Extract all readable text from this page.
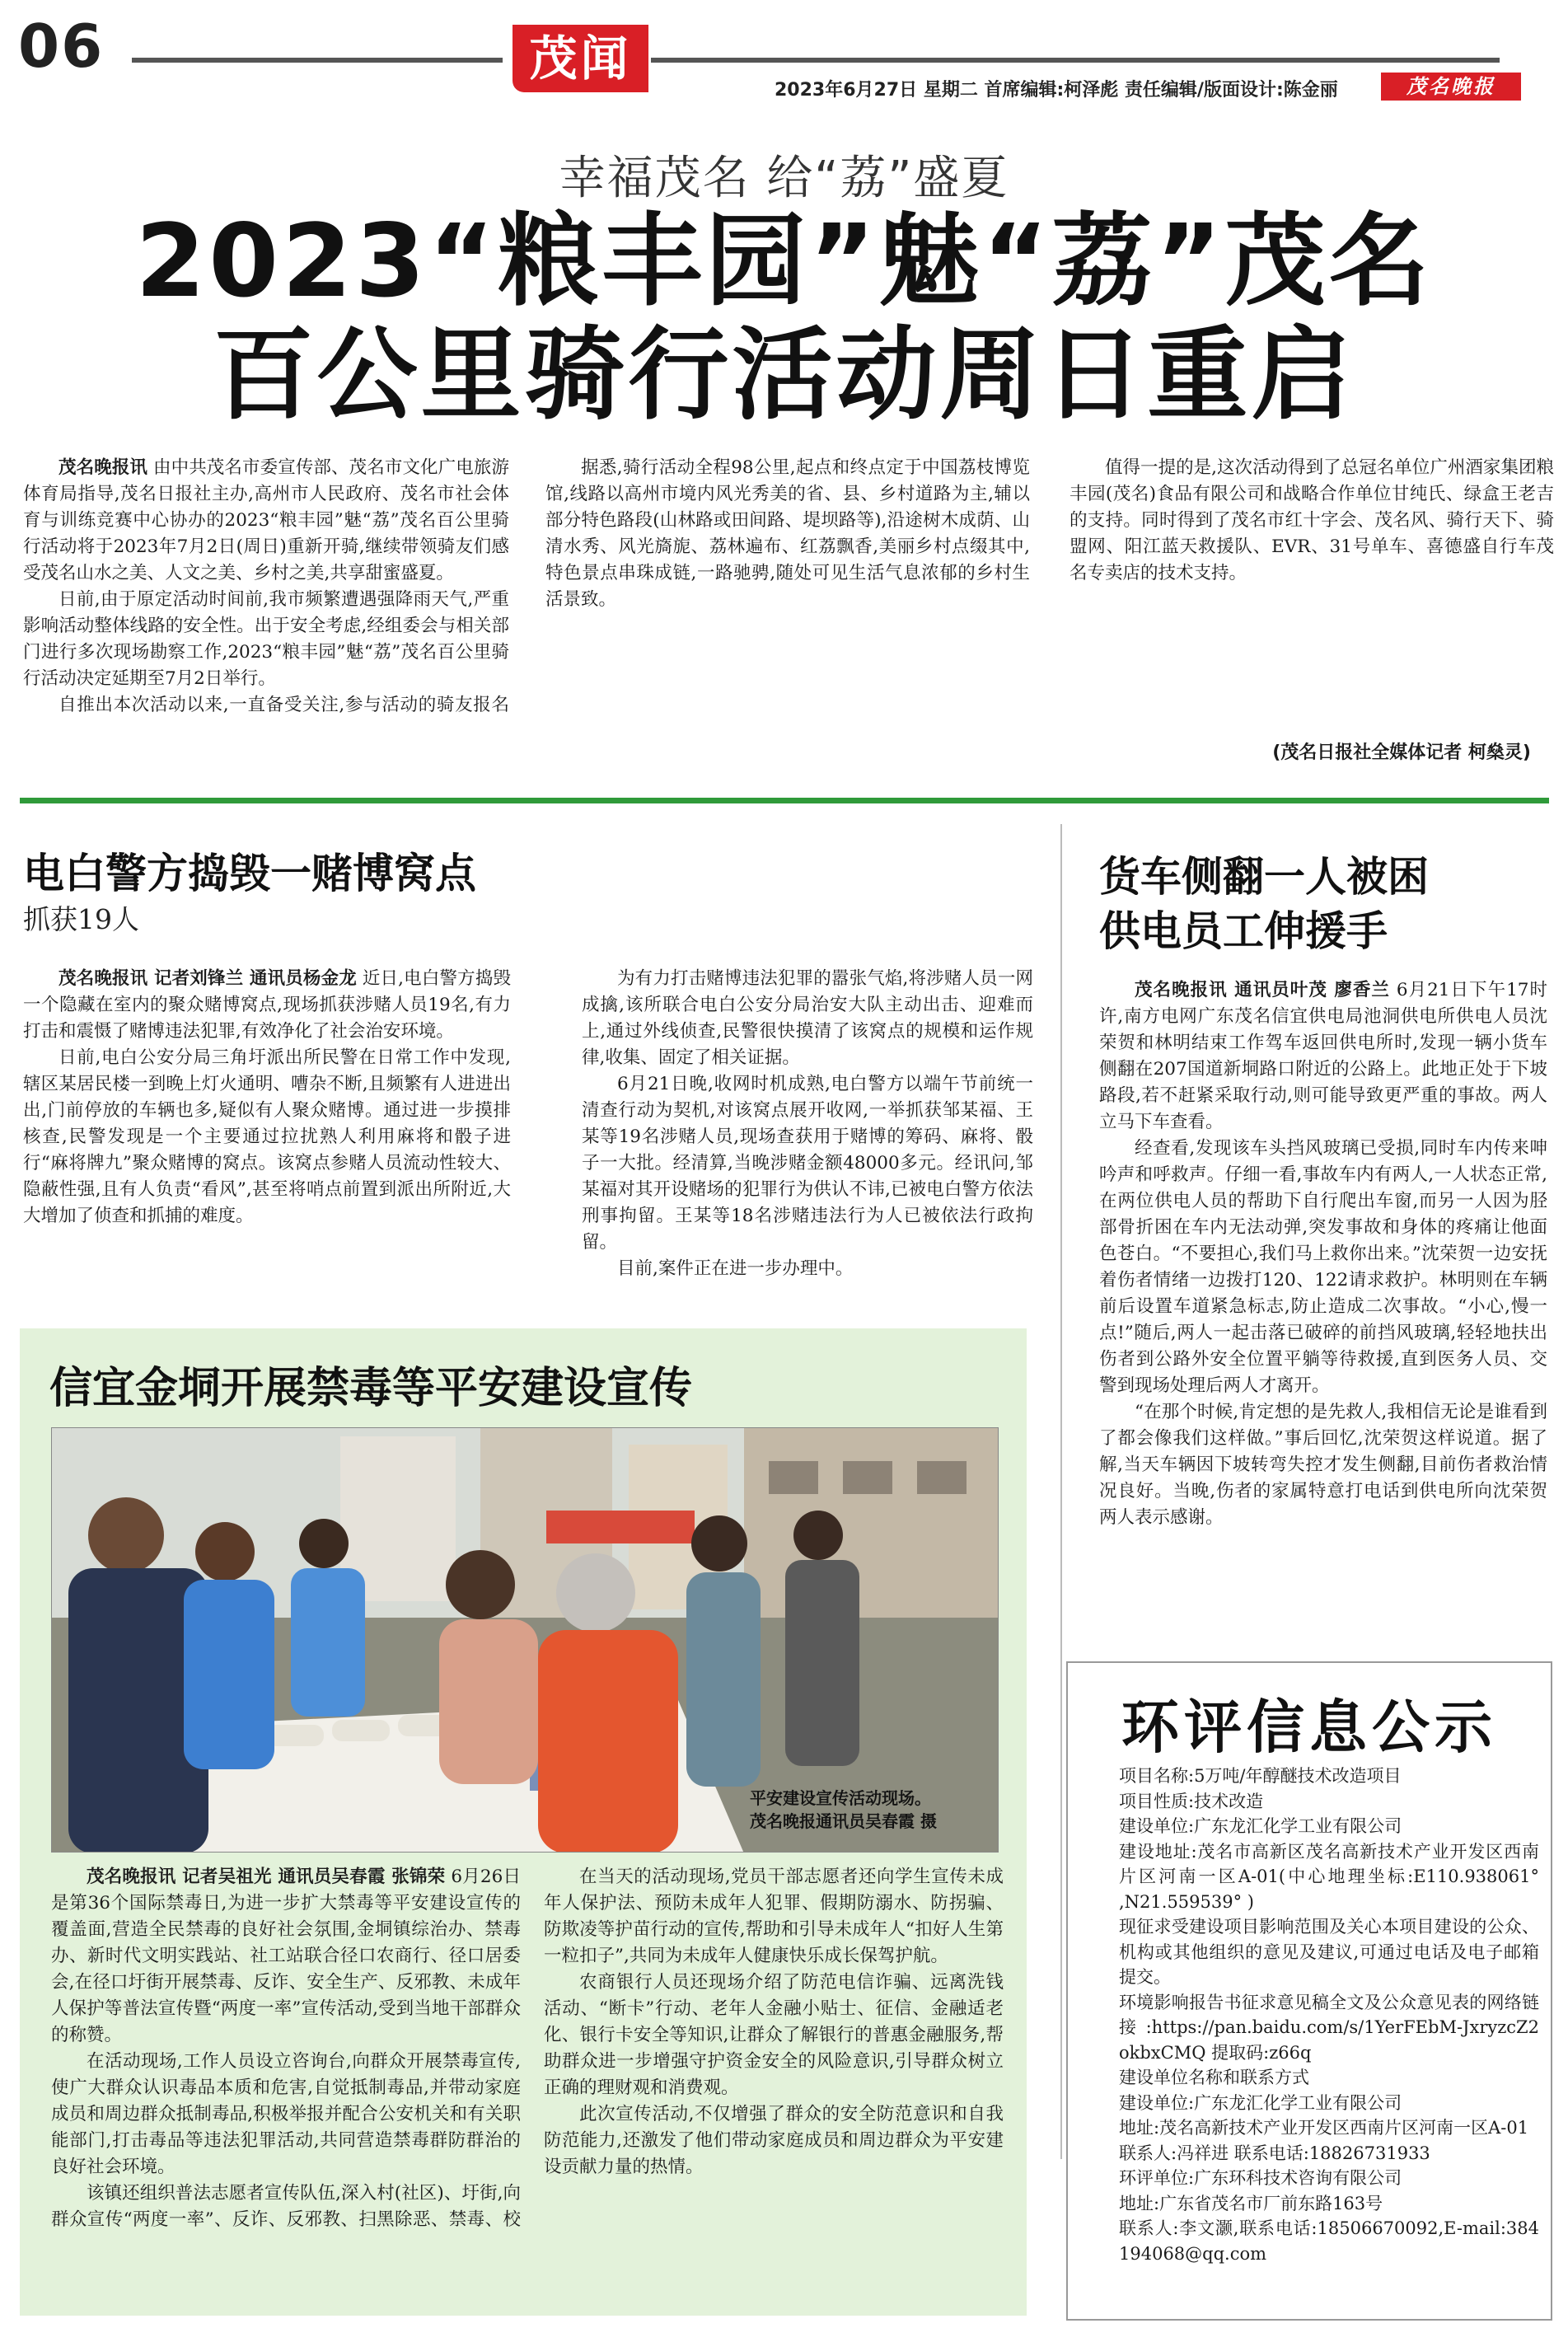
06	茂闻
2023年6月27日 星期二 首席编辑:柯泽彪 责任编辑/版面设计:陈金丽	茂名晚报
幸福茂名 给“荔”盛夏
2023“粮丰园”魅“荔”茂名
百公里骑行活动周日重启

茂名晚报讯 由中共茂名市委宣传部、茂名市文化广电旅游体育局指导,茂名日报社主办,高州市人民政府、茂名市社会体育与训练竞赛中心协办的2023“粮丰园”魅“荔”茂名百公里骑行活动将于2023年7月2日(周日)重新开骑,继续带领骑友们感受茂名山水之美、人文之美、乡村之美,共享甜蜜盛夏。

日前,由于原定活动时间前,我市频繁遭遇强降雨天气,严重影响活动整体线路的安全性。出于安全考虑,经组委会与相关部门进行多次现场勘察工作,2023“粮丰园”魅“荔”茂名百公里骑行活动决定延期至7月2日举行。

自推出本次活动以来,一直备受关注,参与活动的骑友报名

据悉,骑行活动全程98公里,起点和终点定于中国荔枝博览馆,线路以高州市境内风光秀美的省、县、乡村道路为主,辅以部分特色路段(山林路或田间路、堤坝路等),沿途树木成荫、山清水秀、风光旖旎、荔林遍布、红荔飘香,美丽乡村点缀其中,特色景点串珠成链,一路驰骋,随处可见生活气息浓郁的乡村生活景致。

值得一提的是,这次活动得到了总冠名单位广州酒家集团粮丰园(茂名)食品有限公司和战略合作单位甘纯氏、绿盒王老吉的支持。同时得到了茂名市红十字会、茂名风、骑行天下、骑盟网、阳江蓝天救援队、EVR、31号单车、喜德盛自行车茂名专卖店的技术支持。

(茂名日报社全媒体记者 柯燊灵)
电白警方捣毁一赌博窝点
抓获19人

茂名晚报讯 记者刘锋兰 通讯员杨金龙 近日,电白警方捣毁一个隐藏在室内的聚众赌博窝点,现场抓获涉赌人员19名,有力打击和震慑了赌博违法犯罪,有效净化了社会治安环境。

日前,电白公安分局三角圩派出所民警在日常工作中发现,辖区某居民楼一到晚上灯火通明、嘈杂不断,且频繁有人进进出出,门前停放的车辆也多,疑似有人聚众赌博。通过进一步摸排核查,民警发现是一个主要通过拉扰熟人利用麻将和骰子进行“麻将牌九”聚众赌博的窝点。该窝点参赌人员流动性较大、隐蔽性强,且有人负责“看风”,甚至将哨点前置到派出所附近,大大增加了侦查和抓捕的难度。

为有力打击赌博违法犯罪的嚣张气焰,将涉赌人员一网成擒,该所联合电白公安分局治安大队主动出击、迎难而上,通过外线侦查,民警很快摸清了该窝点的规模和运作规律,收集、固定了相关证据。

6月21日晚,收网时机成熟,电白警方以端午节前统一清查行动为契机,对该窝点展开收网,一举抓获邹某福、王某等19名涉赌人员,现场查获用于赌博的筹码、麻将、骰子一大批。经清算,当晚涉赌金额48000多元。经讯问,邹某福对其开设赌场的犯罪行为供认不讳,已被电白警方依法刑事拘留。王某等18名涉赌违法行为人已被依法行政拘留。

目前,案件正在进一步办理中。

货车侧翻一人被困
供电员工伸援手

茂名晚报讯 通讯员叶茂 廖香兰 6月21日下午17时许,南方电网广东茂名信宜供电局池洞供电所供电人员沈荣贺和林明结束工作驾车返回供电所时,发现一辆小货车侧翻在207国道新垌路口附近的公路上。此地正处于下坡路段,若不赶紧采取行动,则可能导致更严重的事故。两人立马下车查看。

经查看,发现该车头挡风玻璃已受损,同时车内传来呻吟声和呼救声。仔细一看,事故车内有两人,一人状态正常,在两位供电人员的帮助下自行爬出车窗,而另一人因为胫部骨折困在车内无法动弹,突发事故和身体的疼痛让他面色苍白。“不要担心,我们马上救你出来。”沈荣贺一边安抚着伤者情绪一边拨打120、122请求救护。林明则在车辆前后设置车道紧急标志,防止造成二次事故。“小心,慢一点!”随后,两人一起击落已破碎的前挡风玻璃,轻轻地扶出伤者到公路外安全位置平躺等待救援,直到医务人员、交警到现场处理后两人才离开。

“在那个时候,肯定想的是先救人,我相信无论是谁看到了都会像我们这样做。”事后回忆,沈荣贺这样说道。据了解,当天车辆因下坡转弯失控才发生侧翻,目前伤者救治情况良好。当晚,伤者的家属特意打电话到供电所向沈荣贺两人表示感谢。

信宜金垌开展禁毒等平安建设宣传
平安建设宣传活动现场。
茂名晚报通讯员吴春霞 摄

茂名晚报讯 记者吴祖光 通讯员吴春霞 张锦荣 6月26日是第36个国际禁毒日,为进一步扩大禁毒等平安建设宣传的覆盖面,营造全民禁毒的良好社会氛围,金垌镇综治办、禁毒办、新时代文明实践站、社工站联合径口农商行、径口居委会,在径口圩街开展禁毒、反诈、安全生产、反邪教、未成年人保护等普法宣传暨“两度一率”宣传活动,受到当地干部群众的称赞。

在活动现场,工作人员设立咨询台,向群众开展禁毒宣传,使广大群众认识毒品本质和危害,自觉抵制毒品,并带动家庭成员和周边群众抵制毒品,积极举报并配合公安机关和有关职能部门,打击毒品等违法犯罪活动,共同营造禁毒群防群治的良好社会环境。

该镇还组织普法志愿者宣传队伍,深入村(社区)、圩街,向群众宣传“两度一率”、反诈、反邪教、扫黑除恶、禁毒、校

在当天的活动现场,党员干部志愿者还向学生宣传未成年人保护法、预防未成年人犯罪、假期防溺水、防拐骗、防欺凌等护苗行动的宣传,帮助和引导未成年人“扣好人生第一粒扣子”,共同为未成年人健康快乐成长保驾护航。

农商银行人员还现场介绍了防范电信诈骗、远离洗钱活动、“断卡”行动、老年人金融小贴士、征信、金融适老化、银行卡安全等知识,让群众了解银行的普惠金融服务,帮助群众进一步增强守护资金安全的风险意识,引导群众树立正确的理财观和消费观。

此次宣传活动,不仅增强了群众的安全防范意识和自我防范能力,还激发了他们带动家庭成员和周边群众为平安建设贡献力量的热情。

环评信息公示

项目名称:5万吨/年醇醚技术改造项目

项目性质:技术改造

建设单位:广东龙汇化学工业有限公司

建设地址:茂名市高新区茂名高新技术产业开发区西南片区河南一区A-01(中心地理坐标:E110.938061° ,N21.559539° )

现征求受建设项目影响范围及关心本项目建设的公众、机构或其他组织的意见及建议,可通过电话及电子邮箱提交。

环境影响报告书征求意见稿全文及公众意见表的网络链接:https://pan.baidu.com/s/1YerFEbM-JxryzcZ2okbxCMQ 提取码:z66q

建设单位名称和联系方式

建设单位:广东龙汇化学工业有限公司

地址:茂名高新技术产业开发区西南片区河南一区A-01

联系人:冯祥进 联系电话:18826731933

环评单位:广东环科技术咨询有限公司

地址:广东省茂名市厂前东路163号

联系人:李文灏,联系电话:18506670092,E-mail:384194068@qq.com
